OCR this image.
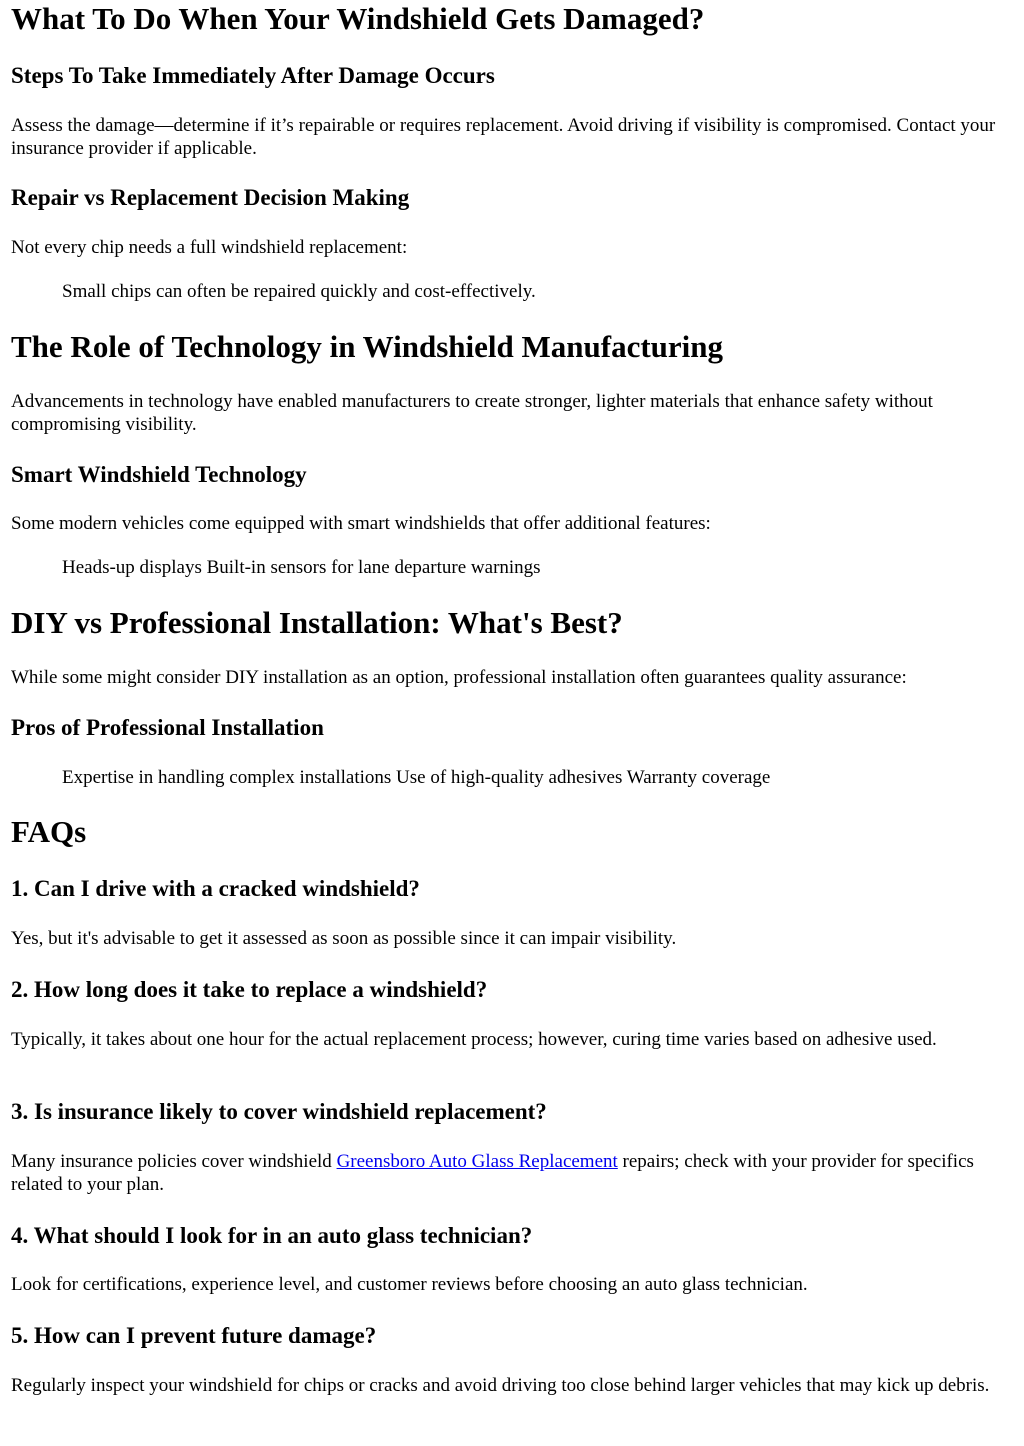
What To Do When Your Windshield Gets Damaged?
Steps To Take Immediately After Damage Occurs

Assess the damage—determine if it’s repairable or requires replacement. Avoid driving if visibility is compromised. Contact your insurance provider if applicable.

Repair vs Replacement Decision Making

Not every chip needs a full windshield replacement:

Small chips can often be repaired quickly and cost-effectively.
The Role of Technology in Windshield Manufacturing

Advancements in technology have enabled manufacturers to create stronger, lighter materials that enhance safety without compromising visibility.

Smart Windshield Technology

Some modern vehicles come equipped with smart windshields that offer additional features:

Heads-up displays Built-in sensors for lane departure warnings
DIY vs Professional Installation: What's Best?

While some might consider DIY installation as an option, professional installation often guarantees quality assurance:

Pros of Professional Installation
Expertise in handling complex installations Use of high-quality adhesives Warranty coverage
FAQs
1. Can I drive with a cracked windshield?

Yes, but it's advisable to get it assessed as soon as possible since it can impair visibility.

2. How long does it take to replace a windshield?

Typically, it takes about one hour for the actual replacement process; however, curing time varies based on adhesive used.

3. Is insurance likely to cover windshield replacement?

Many insurance policies cover windshield Greensboro Auto Glass Replacement repairs; check with your provider for specifics related to your plan.

4. What should I look for in an auto glass technician?

Look for certifications, experience level, and customer reviews before choosing an auto glass technician.

5. How can I prevent future damage?

Regularly inspect your windshield for chips or cracks and avoid driving too close behind larger vehicles that may kick up debris.
